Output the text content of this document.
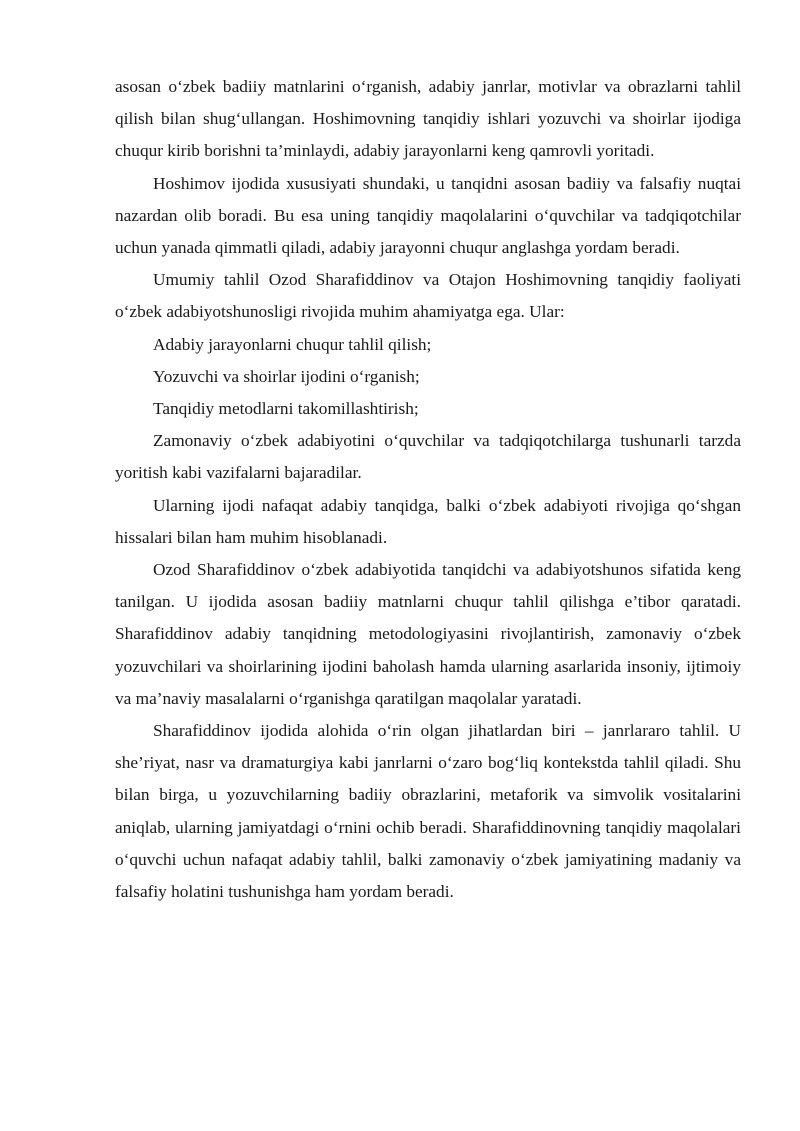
asosan o‘zbek badiiy matnlarini o‘rganish, adabiy janrlar, motivlar va obrazlarni tahlil qilish bilan shug‘ullangan. Hoshimovning tanqidiy ishlari yozuvchi va shoirlar ijodiga chuqur kirib borishni ta’minlaydi, adabiy jarayonlarni keng qamrovli yoritadi.

Hoshimov ijodida xususiyati shundaki, u tanqidni asosan badiiy va falsafiy nuqtai nazardan olib boradi. Bu esa uning tanqidiy maqolalarini o‘quvchilar va tadqiqotchilar uchun yanada qimmatli qiladi, adabiy jarayonni chuqur anglashga yordam beradi.

Umumiy tahlil Ozod Sharafiddinov va Otajon Hoshimovning tanqidiy faoliyati o‘zbek adabiyotshunosligi rivojida muhim ahamiyatga ega. Ular:

Adabiy jarayonlarni chuqur tahlil qilish;

Yozuvchi va shoirlar ijodini o‘rganish;

Tanqidiy metodlarni takomillashtirish;

Zamonaviy o‘zbek adabiyotini o‘quvchilar va tadqiqotchilarga tushunarli tarzda yoritish kabi vazifalarni bajaradilar.

Ularning ijodi nafaqat adabiy tanqidga, balki o‘zbek adabiyoti rivojiga qo‘shgan hissalari bilan ham muhim hisoblanadi.

Ozod Sharafiddinov o‘zbek adabiyotida tanqidchi va adabiyotshunos sifatida keng tanilgan. U ijodida asosan badiiy matnlarni chuqur tahlil qilishga e’tibor qaratadi. Sharafiddinov adabiy tanqidning metodologiyasini rivojlantirish, zamonaviy o‘zbek yozuvchilari va shoirlarining ijodini baholash hamda ularning asarlarida insoniy, ijtimoiy va ma’naviy masalalarni o‘rganishga qaratilgan maqolalar yaratadi.

Sharafiddinov ijodida alohida o‘rin olgan jihatlardan biri – janrlararo tahlil. U she’riyat, nasr va dramaturgiya kabi janrlarni o‘zaro bog‘liq kontekstda tahlil qiladi. Shu bilan birga, u yozuvchilarning badiiy obrazlarini, metaforik va simvolik vositalarini aniqlab, ularning jamiyatdagi o‘rnini ochib beradi. Sharafiddinovning tanqidiy maqolalari o‘quvchi uchun nafaqat adabiy tahlil, balki zamonaviy o‘zbek jamiyatining madaniy va falsafiy holatini tushunishga ham yordam beradi.
